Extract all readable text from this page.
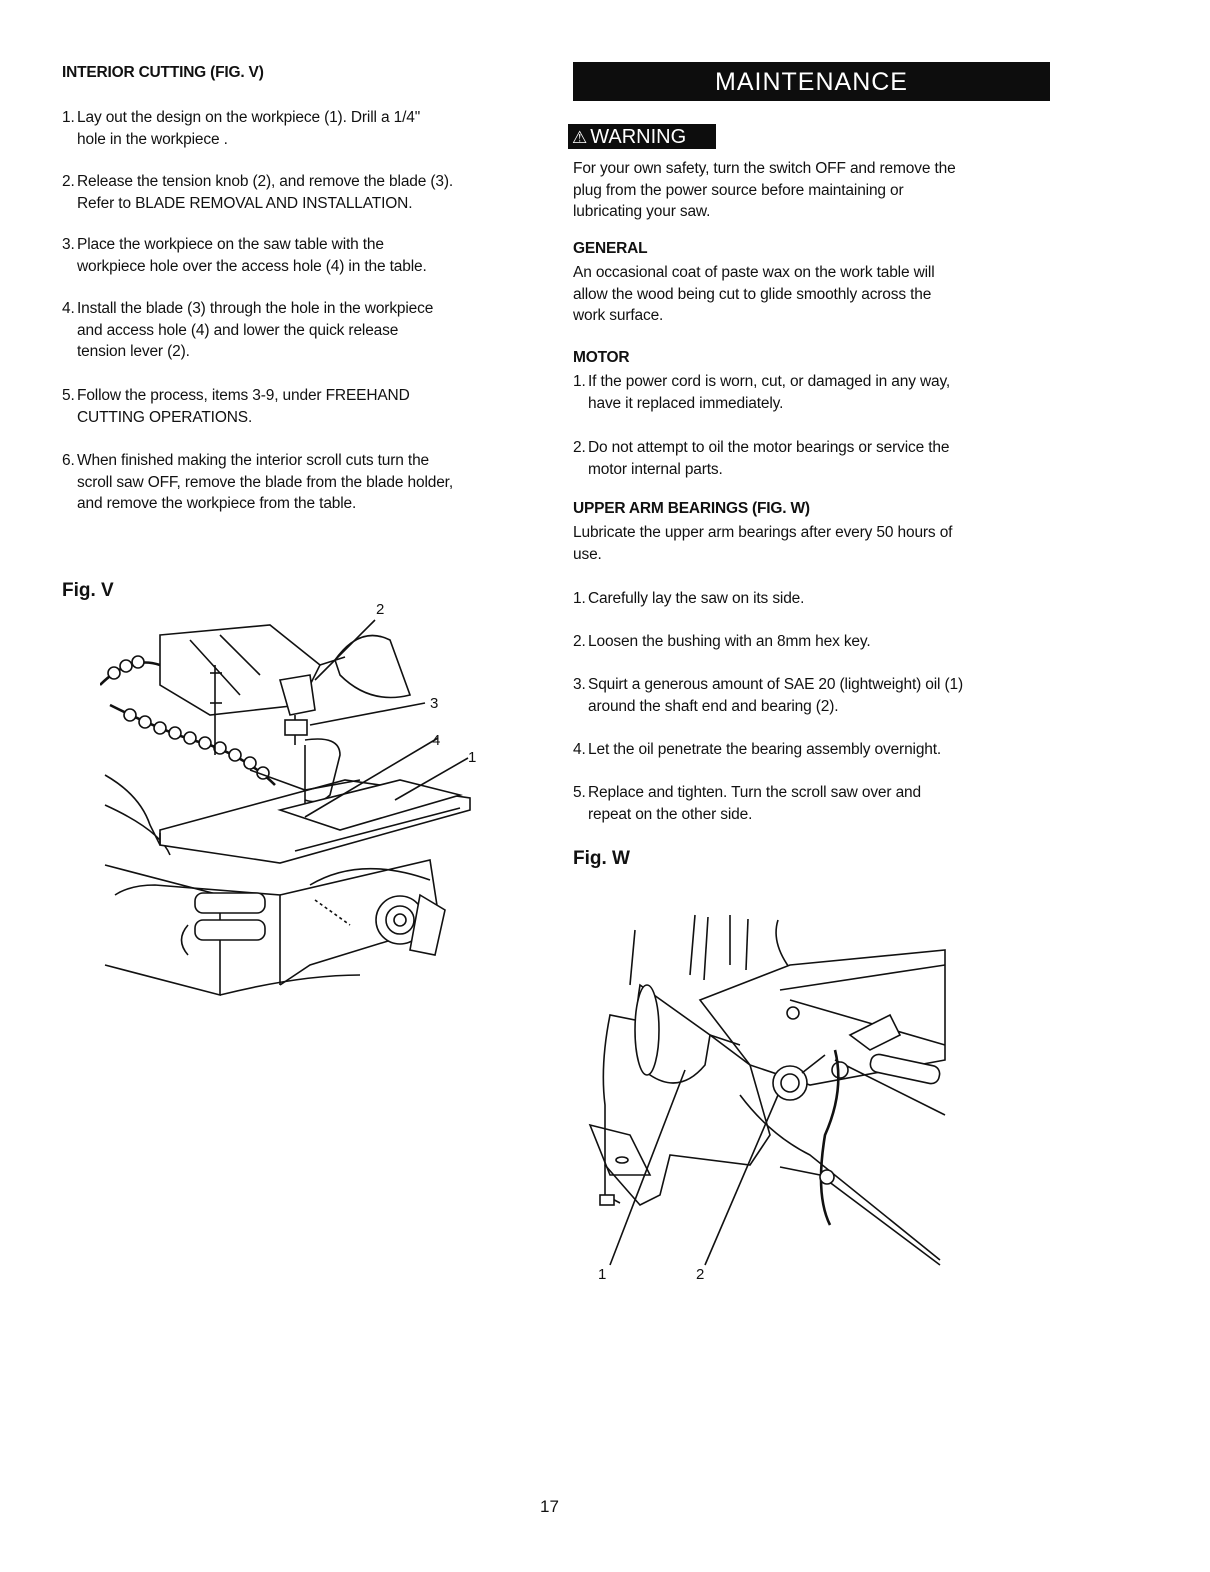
INTERIOR CUTTING (FIG. V)
1. Lay out the design on the workpiece (1). Drill a 1/4"
hole in the workpiece .
2. Release the tension knob (2), and remove the blade (3).
Refer to BLADE REMOVAL AND INSTALLATION.
3. Place the workpiece on the saw table with the
workpiece hole over the access hole (4) in the table.
4. Install the blade (3) through the hole in the workpiece
and access hole (4) and lower the quick release
tension lever (2).
5. Follow the process, items 3-9, under FREEHAND
CUTTING OPERATIONS.
6. When finished making the interior scroll cuts turn the
scroll saw OFF, remove the blade from the blade holder,
and remove the workpiece from the table.
Fig. V
2
3
4
1
MAINTENANCE
⚠ WARNING
For your own safety, turn the switch OFF and remove the
plug from the power source before maintaining or
lubricating your saw.
GENERAL
An occasional coat of paste wax on the work table will
allow the wood being cut to glide smoothly across the
work surface.
MOTOR
1. If the power cord is worn, cut, or damaged in any way,
have it replaced immediately.
2. Do not attempt to oil the motor bearings or service the
motor internal parts.
UPPER ARM BEARINGS (FIG. W)
Lubricate the upper arm bearings after every 50 hours of
use.
1. Carefully lay the saw on its side.
2. Loosen the bushing with an 8mm hex key.
3. Squirt a generous amount of SAE 20 (lightweight) oil (1)
around the shaft end and bearing (2).
4. Let the oil penetrate the bearing assembly overnight.
5. Replace and tighten. Turn the scroll saw over and
repeat on the other side.
Fig. W
1	2
17
